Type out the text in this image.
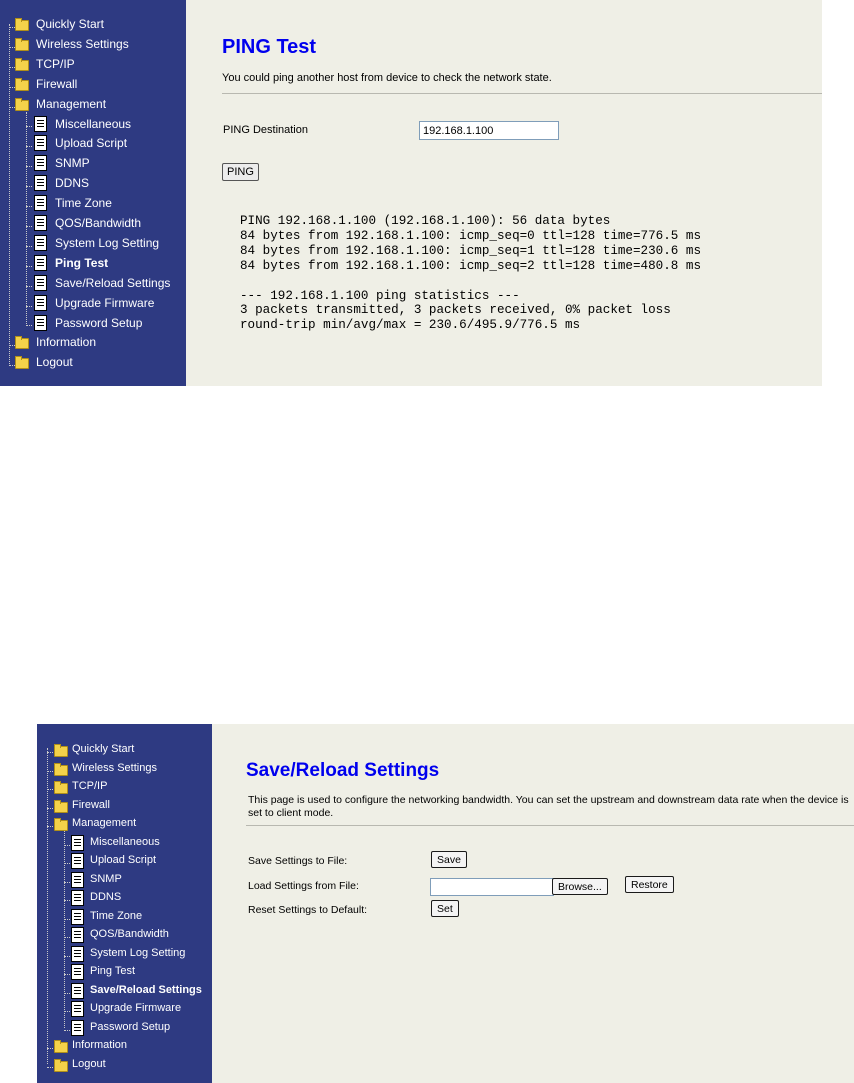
Quickly Start
Wireless Settings
TCP/IP
Firewall
Management
Miscellaneous
Upload Script
SNMP
DDNS
Time Zone
QOS/Bandwidth
System Log Setting
Ping Test
Save/Reload Settings
Upgrade Firmware
Password Setup
Information
Logout
PING Test
You could ping another host from device to check the network state.
PING Destination
192.168.1.100
PING
PING 192.168.1.100 (192.168.1.100): 56 data bytes
84 bytes from 192.168.1.100: icmp_seq=0 ttl=128 time=776.5 ms
84 bytes from 192.168.1.100: icmp_seq=1 ttl=128 time=230.6 ms
84 bytes from 192.168.1.100: icmp_seq=2 ttl=128 time=480.8 ms
--- 192.168.1.100 ping statistics ---
3 packets transmitted, 3 packets received, 0% packet loss
round-trip min/avg/max = 230.6/495.9/776.5 ms
Quickly Start
Wireless Settings
TCP/IP
Firewall
Management
Miscellaneous
Upload Script
SNMP
DDNS
Time Zone
QOS/Bandwidth
System Log Setting
Ping Test
Save/Reload Settings
Upgrade Firmware
Password Setup
Information
Logout
Save/Reload Settings
This page is used to configure the networking bandwidth. You can set the upstream and downstream data rate when the device is set to client mode.
Save Settings to File:	Save
Load Settings from File:	Browse...	Restore
Reset Settings to Default:	Set
